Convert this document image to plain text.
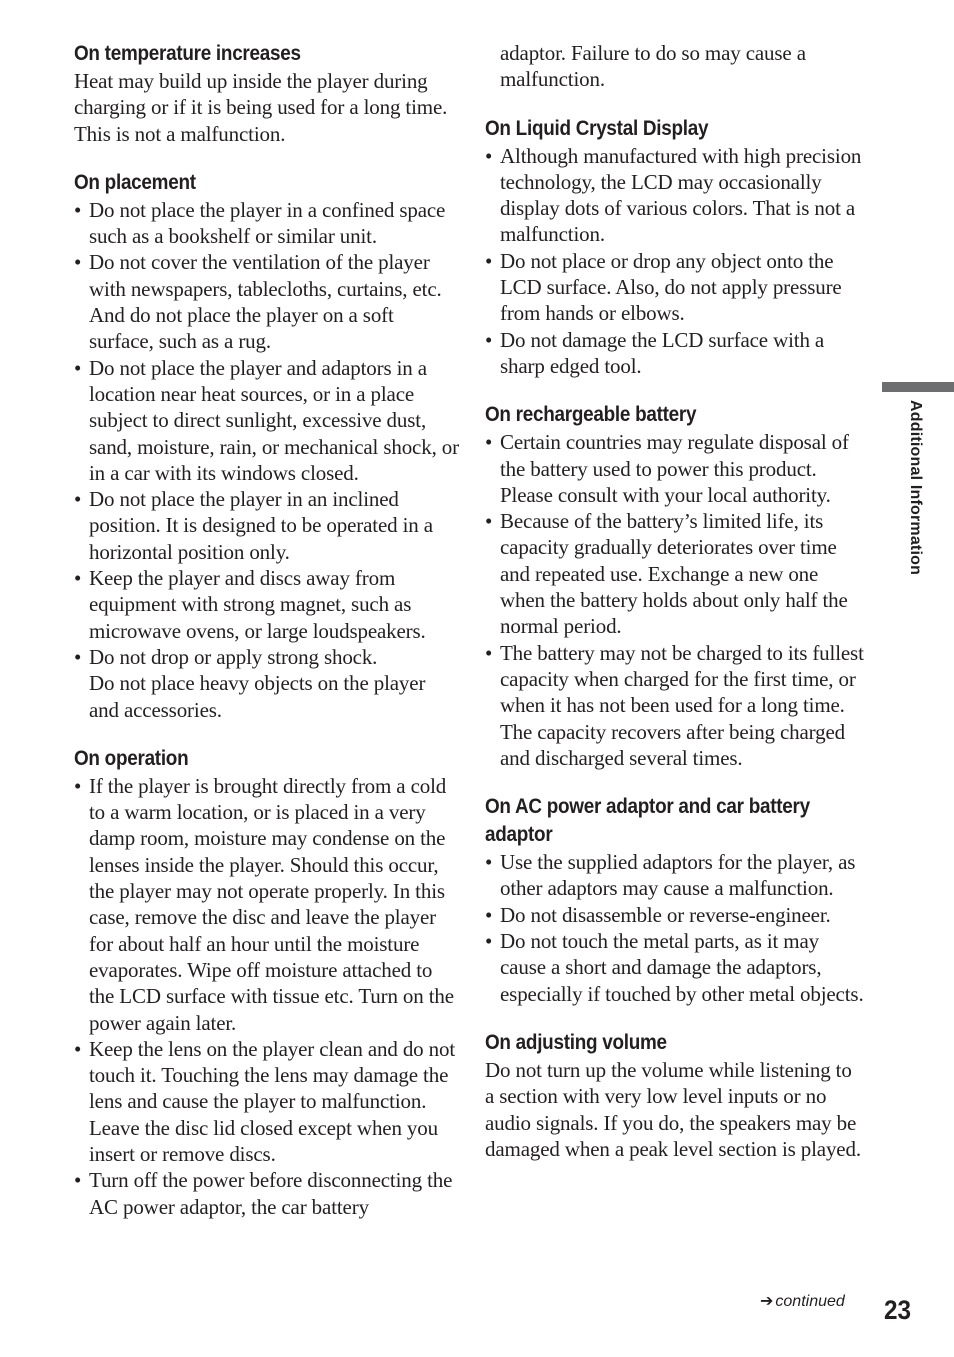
On temperature increases

Heat may build up inside the player during charging or if it is being used for a long time. This is not a malfunction.

On placement
• Do not place the player in a confined space such as a bookshelf or similar unit.
• Do not cover the ventilation of the player with newspapers, tablecloths, curtains, etc. And do not place the player on a soft surface, such as a rug.
• Do not place the player and adaptors in a location near heat sources, or in a place subject to direct sunlight, excessive dust, sand, moisture, rain, or mechanical shock, or in a car with its windows closed.
• Do not place the player in an inclined position. It is designed to be operated in a horizontal position only.
• Keep the player and discs away from equipment with strong magnet, such as microwave ovens, or large loudspeakers.
• Do not drop or apply strong shock.
Do not place heavy objects on the player and accessories.
On operation
• If the player is brought directly from a cold to a warm location, or is placed in a very damp room, moisture may condense on the lenses inside the player. Should this occur, the player may not operate properly. In this case, remove the disc and leave the player for about half an hour until the moisture evaporates. Wipe off moisture attached to the LCD surface with tissue etc. Turn on the power again later.
• Keep the lens on the player clean and do not touch it. Touching the lens may damage the lens and cause the player to malfunction. Leave the disc lid closed except when you insert or remove discs.
• Turn off the power before disconnecting the AC power adaptor, the car battery

adaptor. Failure to do so may cause a malfunction.

On Liquid Crystal Display
• Although manufactured with high precision technology, the LCD may occasionally display dots of various colors. That is not a malfunction.
• Do not place or drop any object onto the LCD surface. Also, do not apply pressure from hands or elbows.
• Do not damage the LCD surface with a sharp edged tool.
On rechargeable battery
• Certain countries may regulate disposal of the battery used to power this product. Please consult with your local authority.
• Because of the battery’s limited life, its capacity gradually deteriorates over time and repeated use. Exchange a new one when the battery holds about only half the normal period.
• The battery may not be charged to its fullest capacity when charged for the first time, or when it has not been used for a long time. The capacity recovers after being charged and discharged several times.
On AC power adaptor and car battery adaptor
• Use the supplied adaptors for the player, as other adaptors may cause a malfunction.
• Do not disassemble or reverse-engineer.
• Do not touch the metal parts, as it may cause a short and damage the adaptors, especially if touched by other metal objects.
On adjusting volume

Do not turn up the volume while listening to a section with very low level inputs or no audio signals. If you do, the speakers may be damaged when a peak level section is played.

Additional Information
➔ continued 23
